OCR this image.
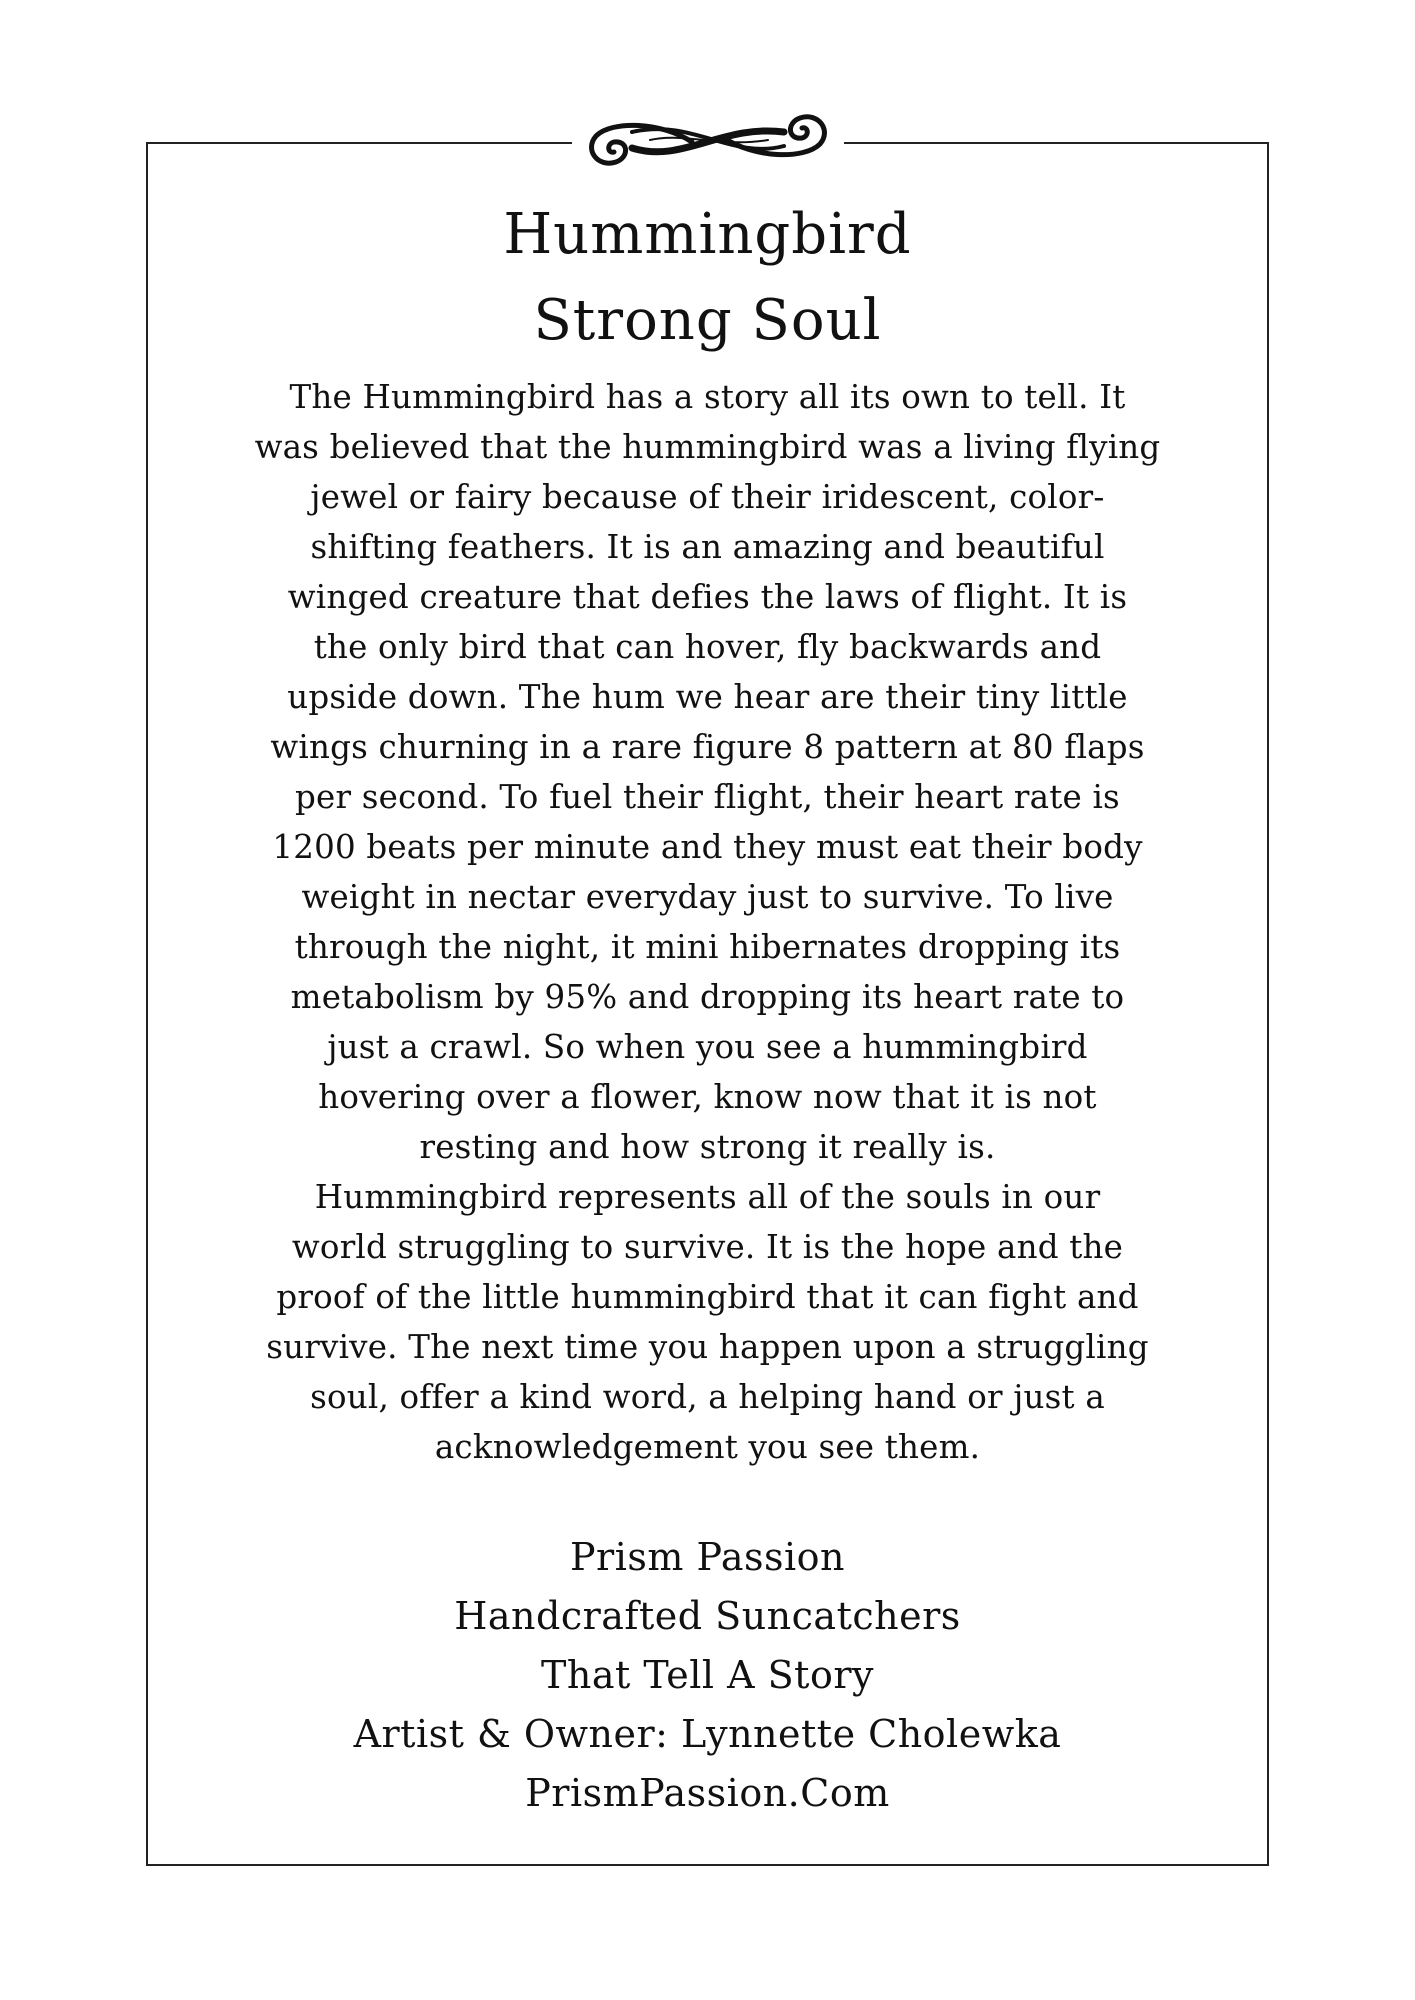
Hummingbird
Strong Soul

The Hummingbird has a story all its own to tell. It
was believed that the hummingbird was a living flying
jewel or fairy because of their iridescent, color-
shifting feathers. It is an amazing and beautiful
winged creature that defies the laws of flight. It is
the only bird that can hover, fly backwards and
upside down. The hum we hear are their tiny little
wings churning in a rare figure 8 pattern at 80 flaps
per second. To fuel their flight, their heart rate is
1200 beats per minute and they must eat their body
weight in nectar everyday just to survive. To live
through the night, it mini hibernates dropping its
metabolism by 95% and dropping its heart rate to
just a crawl. So when you see a hummingbird
hovering over a flower, know now that it is not
resting and how strong it really is.
Hummingbird represents all of the souls in our
world struggling to survive. It is the hope and the
proof of the little hummingbird that it can fight and
survive. The next time you happen upon a struggling
soul, offer a kind word, a helping hand or just a
acknowledgement you see them.

Prism Passion
Handcrafted Suncatchers
That Tell A Story
Artist & Owner: Lynnette Cholewka
PrismPassion.Com
